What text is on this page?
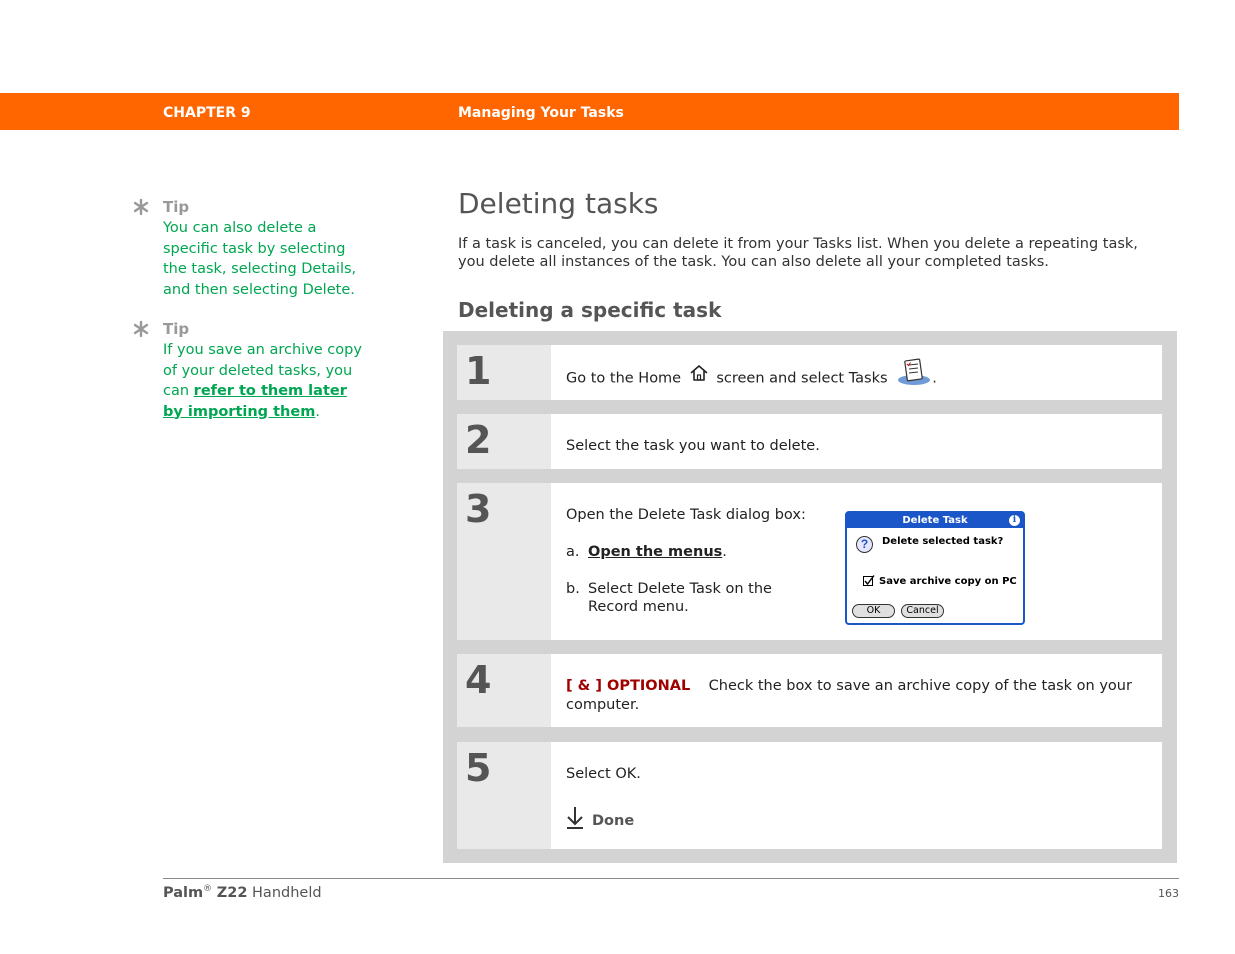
CHAPTER 9	Managing Your Tasks
Tip
You can also delete a specific task by selecting the task, selecting Details, and then selecting Delete.
Tip
If you save an archive copy of your deleted tasks, you can refer to them later by importing them.
Deleting tasks
If a task is canceled, you can delete it from your Tasks list. When you delete a repeating task, you delete all instances of the task. You can also delete all your completed tasks.
Deleting a specific task
1	Go to the Home screen and select Tasks	.
2	Select the task you want to delete.
3	Open the Delete Task dialog box:
a. Open the menus.
b. Select Delete Task on the
Record menu.
Delete Task	i
?	Delete selected task?
Save archive copy on PC
OK	Cancel
4	[ & ] OPTIONAL Check the box to save an archive copy of the task on your computer.
5	Select OK.
Done
Palm® Z22 Handheld	163
